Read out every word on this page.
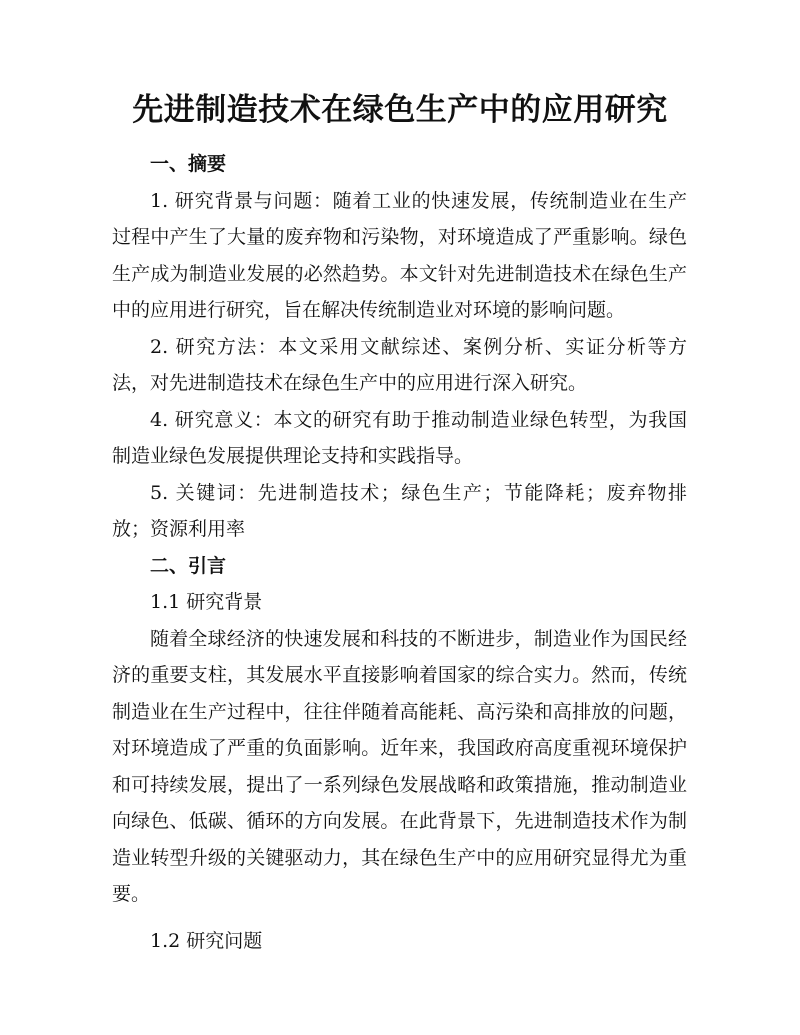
先进制造技术在绿色生产中的应用研究

一、摘要

1. 研究背景与问题：随着工业的快速发展，传统制造业在生产过程中产生了大量的废弃物和污染物，对环境造成了严重影响。绿色生产成为制造业发展的必然趋势。本文针对先进制造技术在绿色生产中的应用进行研究，旨在解决传统制造业对环境的影响问题。

2. 研究方法：本文采用文献综述、案例分析、实证分析等方法，对先进制造技术在绿色生产中的应用进行深入研究。

4. 研究意义：本文的研究有助于推动制造业绿色转型，为我国制造业绿色发展提供理论支持和实践指导。

5. 关键词：先进制造技术；绿色生产；节能降耗；废弃物排放；资源利用率

二、引言

1.1 研究背景

随着全球经济的快速发展和科技的不断进步，制造业作为国民经济的重要支柱，其发展水平直接影响着国家的综合实力。然而，传统制造业在生产过程中，往往伴随着高能耗、高污染和高排放的问题，对环境造成了严重的负面影响。近年来，我国政府高度重视环境保护和可持续发展，提出了一系列绿色发展战略和政策措施，推动制造业向绿色、低碳、循环的方向发展。在此背景下，先进制造技术作为制造业转型升级的关键驱动力，其在绿色生产中的应用研究显得尤为重要。

1.2 研究问题
